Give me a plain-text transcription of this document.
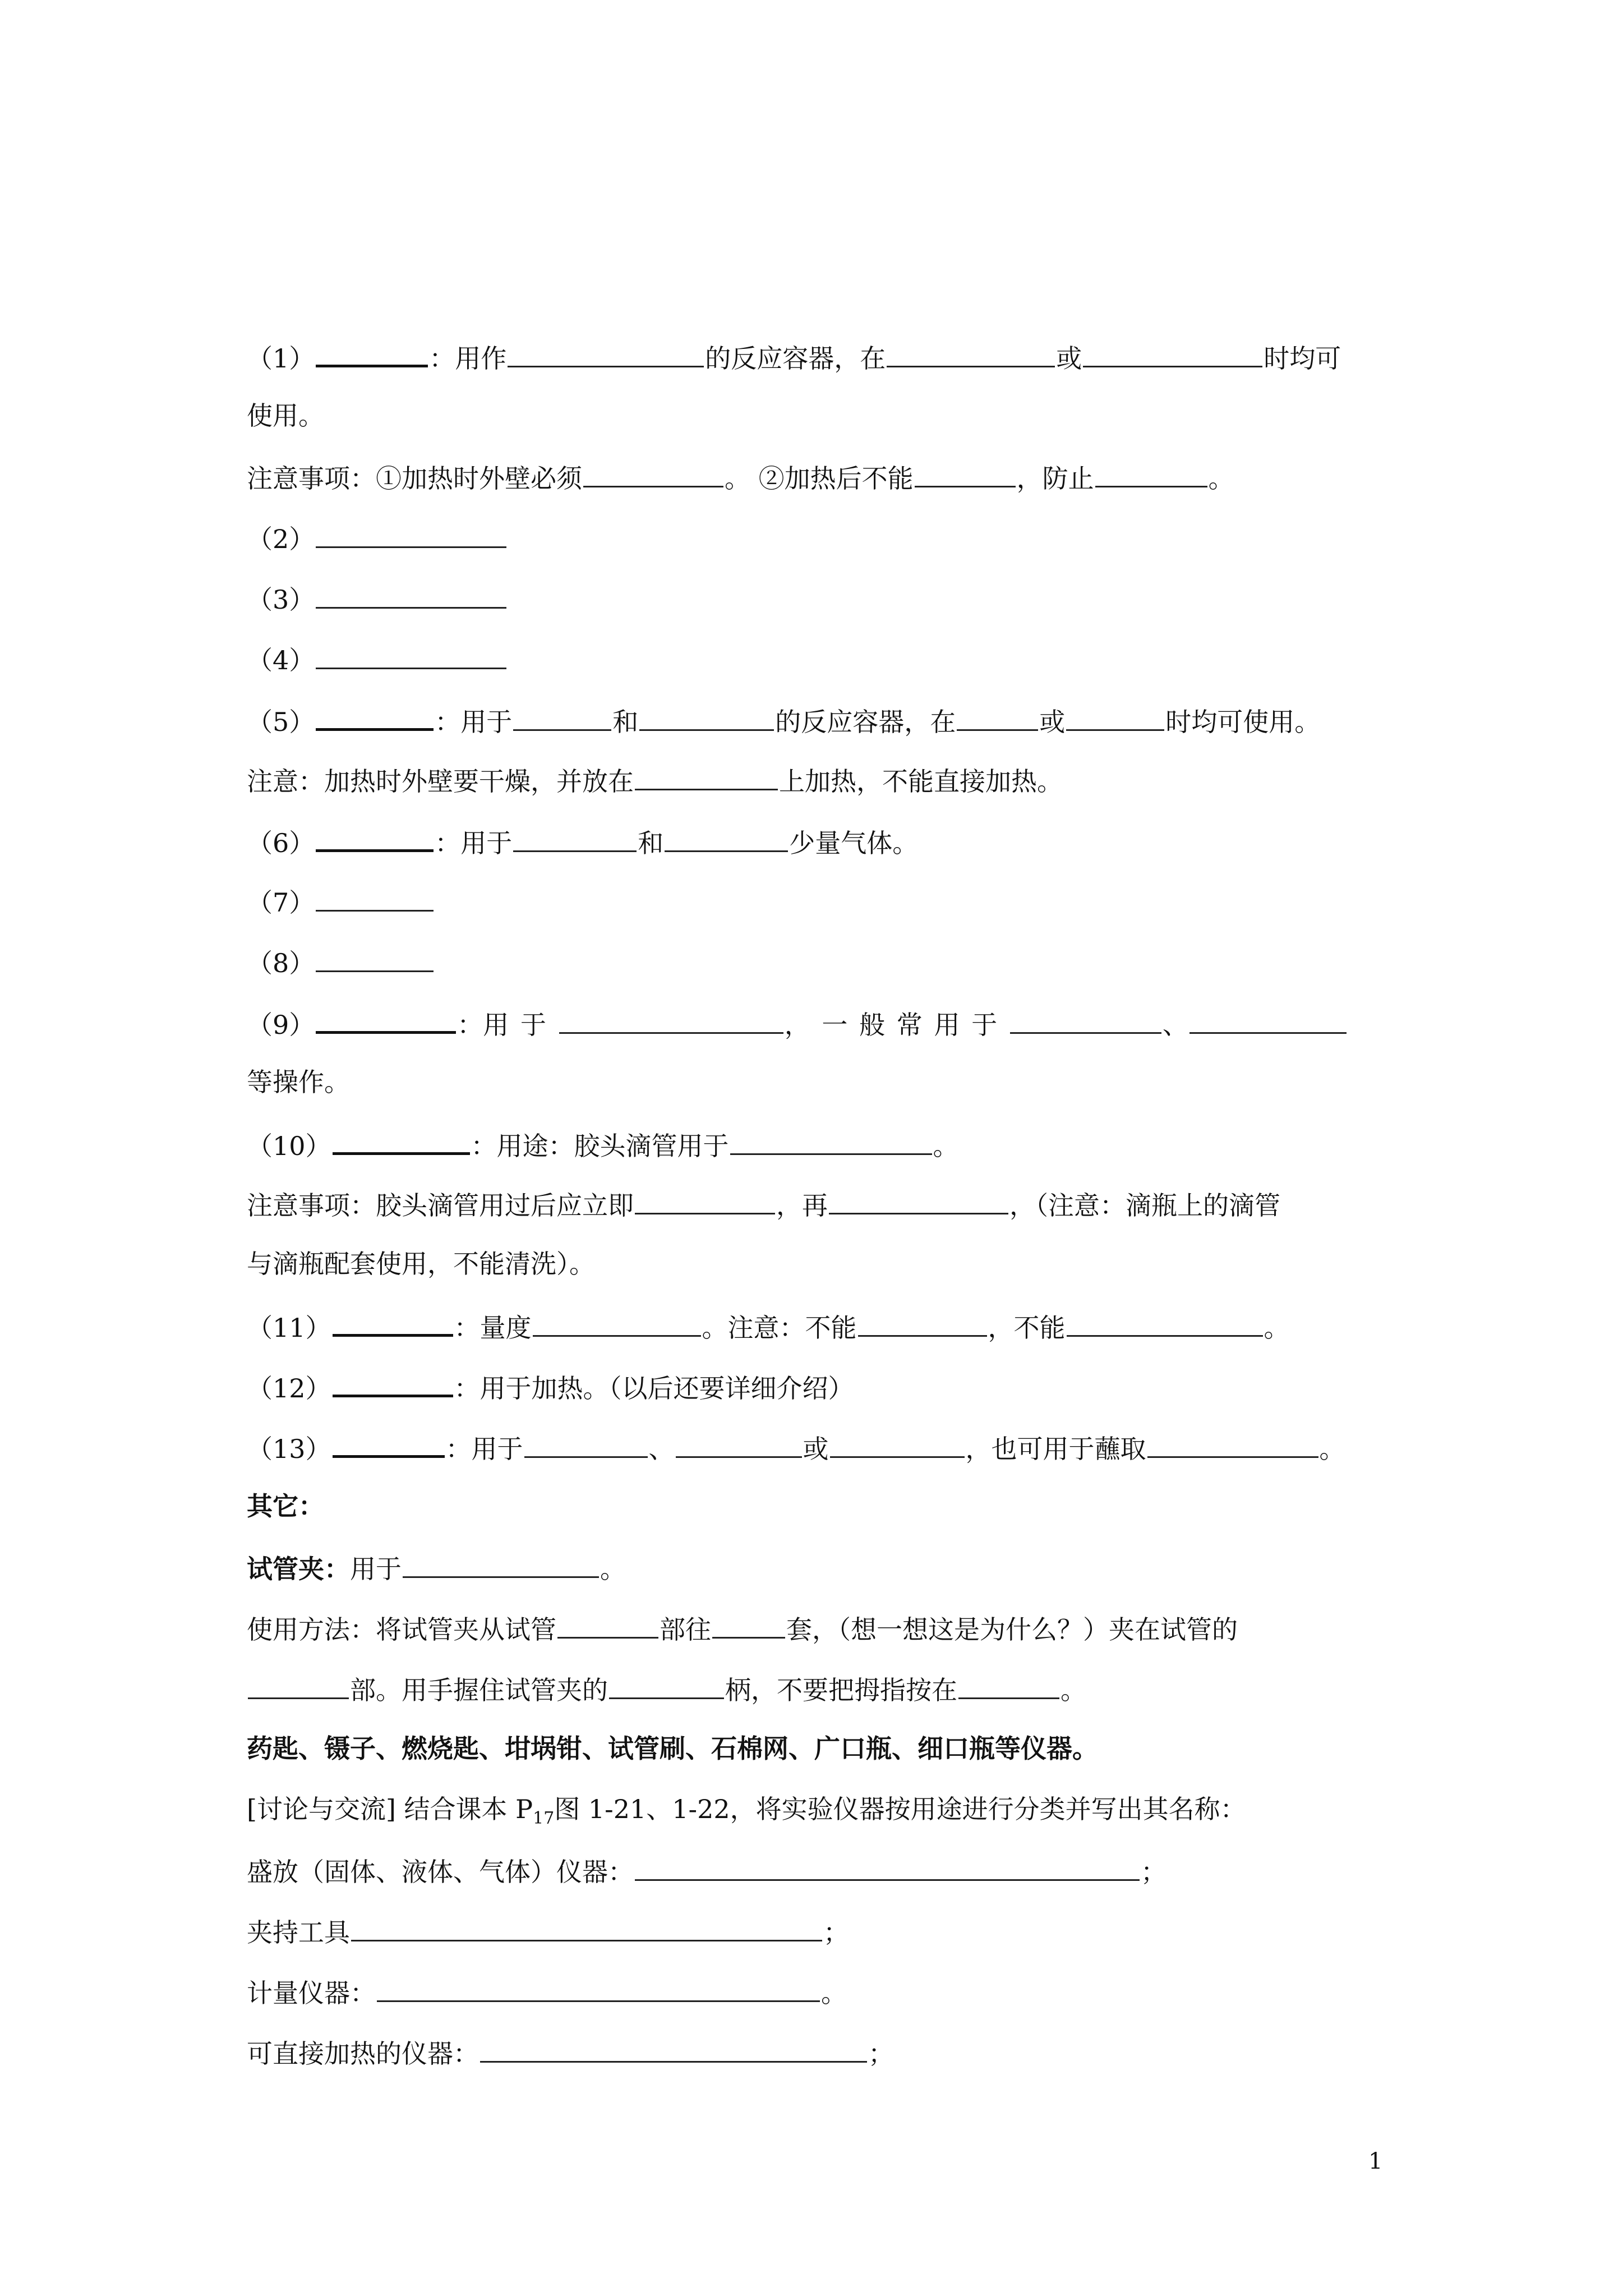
（1）	：用作	的反应容器，在	或	时均可
使用。
注意事项：①加热时外壁必须	。 ②加热后不能	，防止	。
（2）
（3）
（4）
（5）	：用于	和	的反应容器，在	或	时均可使用。
注意：加热时外壁要干燥，并放在	上加热，不能直接加热。
（6）	：用于	和	少量气体。
（7）
（8）
（9）	：用于	，一般常用于	、
等操作。
（10）	：用途：胶头滴管用于	。
注意事项：胶头滴管用过后应立即	，再	，（注意：滴瓶上的滴管
与滴瓶配套使用，不能清洗）。
（11）	：量度	。注意：不能	，不能	。
（12）	：用于加热。（以后还要详细介绍）
（13）	：用于	、	或	，也可用于蘸取	。
其它：
试管夹：用于	。
使用方法：将试管夹从试管	部往	套，（想一想这是为什么？）夹在试管的
部。用手握住试管夹的	柄，不要把拇指按在	。
药匙、镊子、燃烧匙、坩埚钳、试管刷、石棉网、广口瓶、细口瓶等仪器。
[讨论与交流] 结合课本 $P_{17}$图 1-21、1-22，将实验仪器按用途进行分类并写出其名称：
盛放（固体、液体、气体）仪器：	；
夹持工具	；
计量仪器：	。
可直接加热的仪器：	；
1
